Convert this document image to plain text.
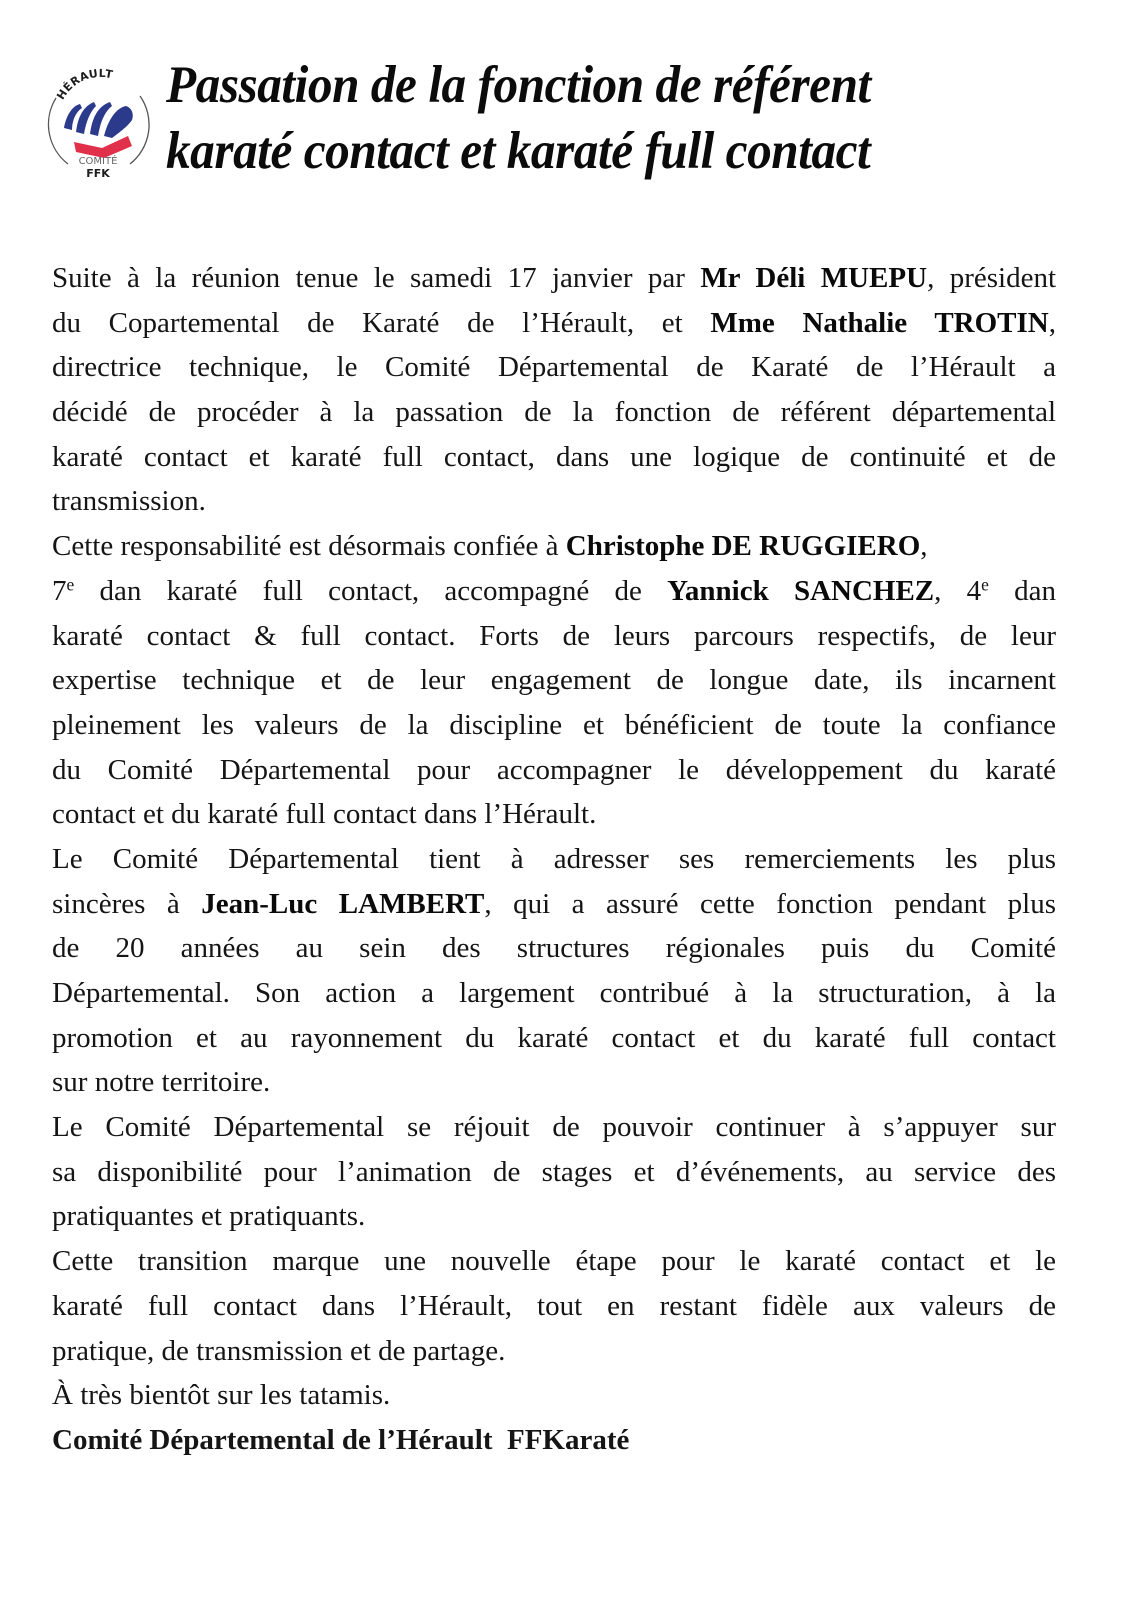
HÉRAULT
COMITÉ
FFK
Passation de la fonction de référent
karaté contact et karaté full contact
Suite à la réunion tenue le samedi 17 janvier par Mr Déli MUEPU, président
du Copartemental de Karaté de l’Hérault, et Mme Nathalie TROTIN,
directrice technique, le Comité Départemental de Karaté de l’Hérault a
décidé de procéder à la passation de la fonction de référent départemental
karaté contact et karaté full contact, dans une logique de continuité et de
transmission.
Cette responsabilité est désormais confiée à Christophe DE RUGGIERO,
7e dan karaté full contact, accompagné de Yannick SANCHEZ, 4e dan
karaté contact & full contact. Forts de leurs parcours respectifs, de leur
expertise technique et de leur engagement de longue date, ils incarnent
pleinement les valeurs de la discipline et bénéficient de toute la confiance
du Comité Départemental pour accompagner le développement du karaté
contact et du karaté full contact dans l’Hérault.
Le Comité Départemental tient à adresser ses remerciements les plus
sincères à Jean-Luc LAMBERT, qui a assuré cette fonction pendant plus
de 20 années au sein des structures régionales puis du Comité
Départemental. Son action a largement contribué à la structuration, à la
promotion et au rayonnement du karaté contact et du karaté full contact
sur notre territoire.
Le Comité Départemental se réjouit de pouvoir continuer à s’appuyer sur
sa disponibilité pour l’animation de stages et d’événements, au service des
pratiquantes et pratiquants.
Cette transition marque une nouvelle étape pour le karaté contact et le
karaté full contact dans l’Hérault, tout en restant fidèle aux valeurs de
pratique, de transmission et de partage.
À très bientôt sur les tatamis.
Comité Départemental de l’Hérault  FFKaraté
